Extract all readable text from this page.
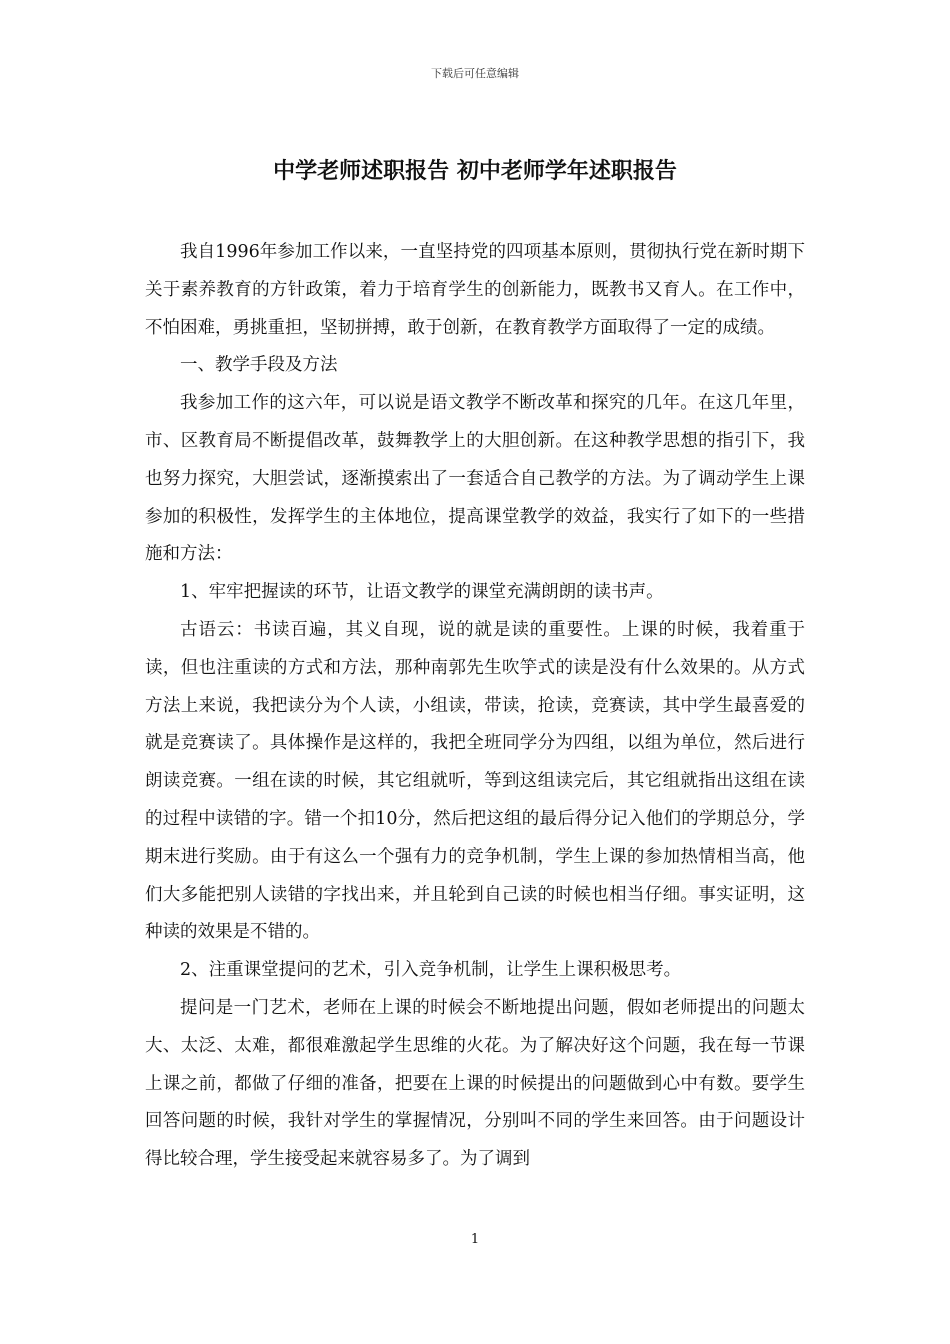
下载后可任意编辑
中学老师述职报告 初中老师学年述职报告

我自1996年参加工作以来，一直坚持党的四项基本原则，贯彻执行党在新时期下关于素养教育的方针政策，着力于培育学生的创新能力，既教书又育人。在工作中，不怕困难，勇挑重担，坚韧拼搏，敢于创新，在教育教学方面取得了一定的成绩。

一、教学手段及方法

我参加工作的这六年，可以说是语文教学不断改革和探究的几年。在这几年里，市、区教育局不断提倡改革，鼓舞教学上的大胆创新。在这种教学思想的指引下，我也努力探究，大胆尝试，逐渐摸索出了一套适合自己教学的方法。为了调动学生上课参加的积极性，发挥学生的主体地位，提高课堂教学的效益，我实行了如下的一些措施和方法：

1、牢牢把握读的环节，让语文教学的课堂充满朗朗的读书声。

古语云：书读百遍，其义自现，说的就是读的重要性。上课的时候，我着重于读，但也注重读的方式和方法，那种南郭先生吹竽式的读是没有什么效果的。从方式方法上来说，我把读分为个人读，小组读，带读，抢读，竞赛读，其中学生最喜爱的就是竞赛读了。具体操作是这样的，我把全班同学分为四组，以组为单位，然后进行朗读竞赛。一组在读的时候，其它组就听，等到这组读完后，其它组就指出这组在读的过程中读错的字。错一个扣10分，然后把这组的最后得分记入他们的学期总分，学期末进行奖励。由于有这么一个强有力的竞争机制，学生上课的参加热情相当高，他们大多能把别人读错的字找出来，并且轮到自己读的时候也相当仔细。事实证明，这种读的效果是不错的。

2、注重课堂提问的艺术，引入竞争机制，让学生上课积极思考。

提问是一门艺术，老师在上课的时候会不断地提出问题，假如老师提出的问题太大、太泛、太难，都很难激起学生思维的火花。为了解决好这个问题，我在每一节课上课之前，都做了仔细的准备，把要在上课的时候提出的问题做到心中有数。要学生回答问题的时候，我针对学生的掌握情况，分别叫不同的学生来回答。由于问题设计得比较合理，学生接受起来就容易多了。为了调到

1
